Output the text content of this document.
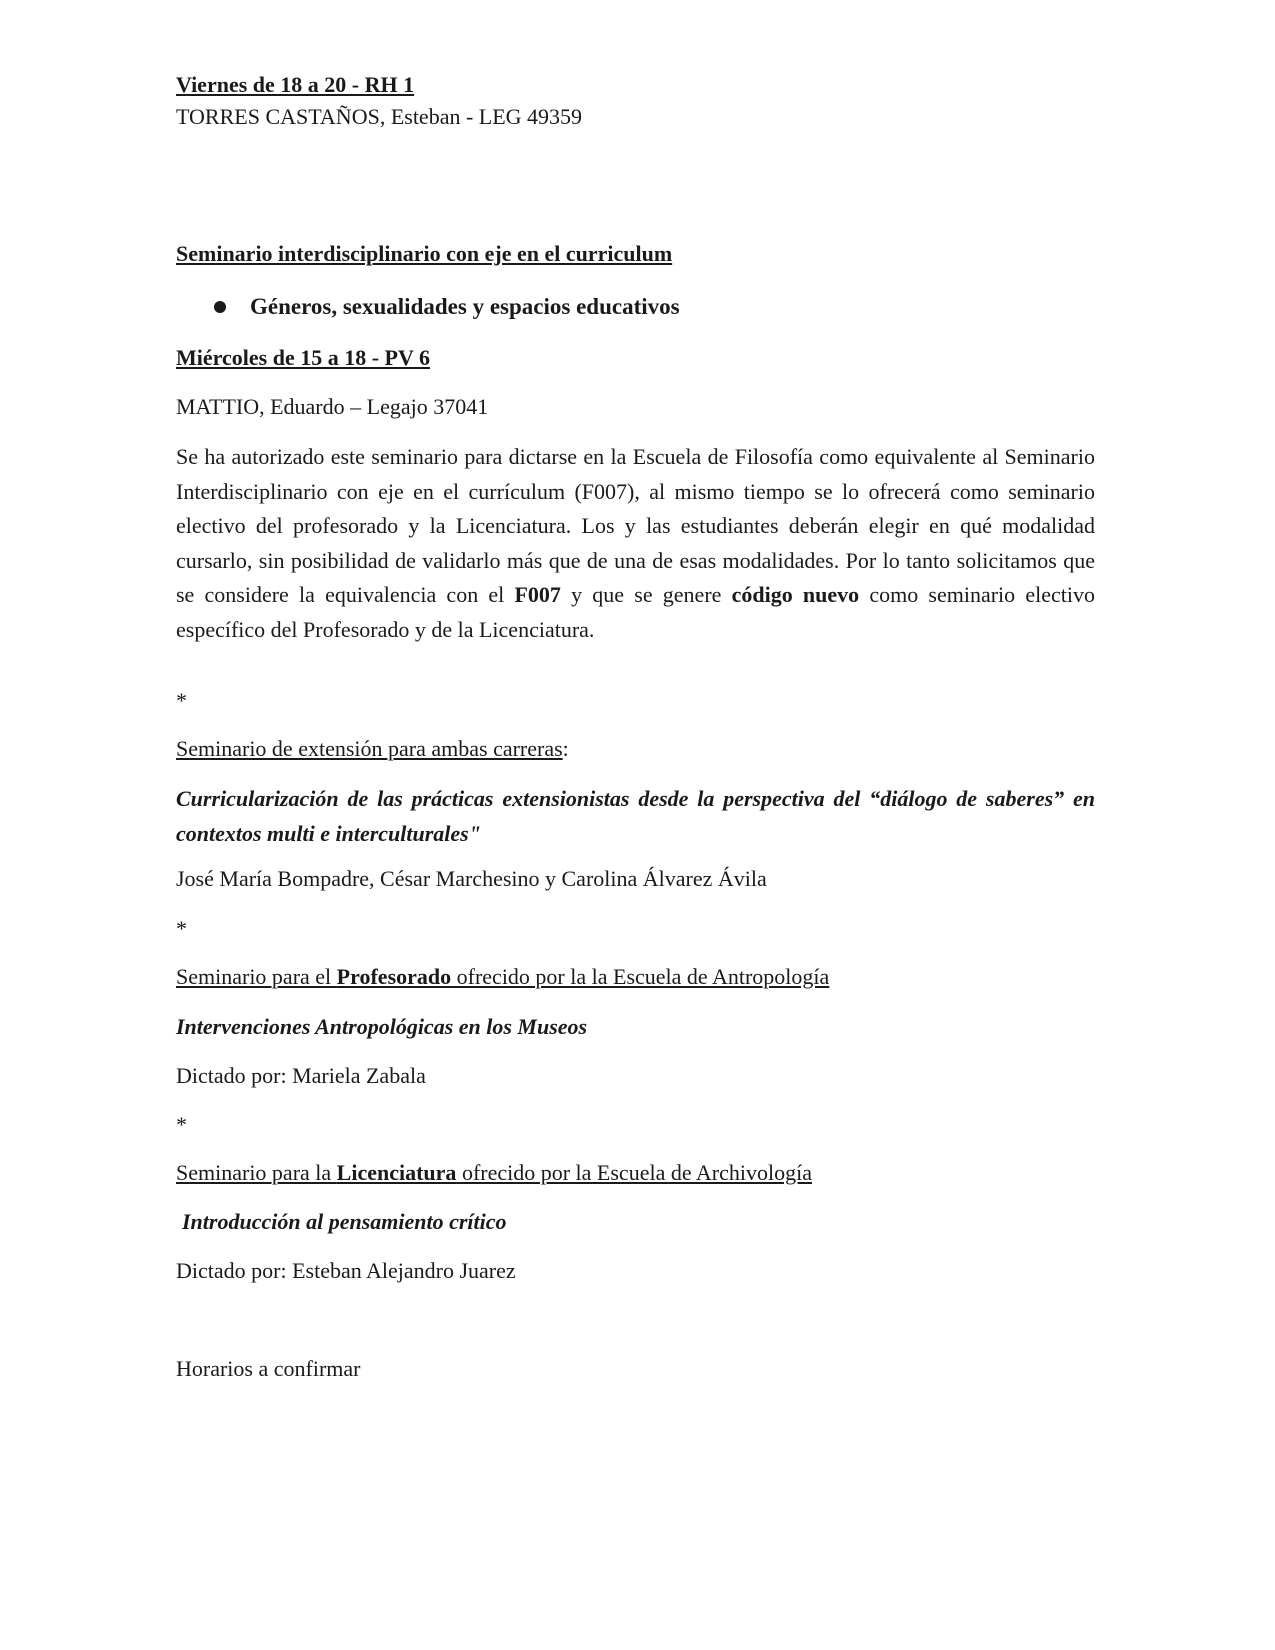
Viernes de 18 a 20 - RH 1
TORRES CASTAÑOS, Esteban - LEG 49359
Seminario interdisciplinario con eje en el curriculum
Géneros, sexualidades y espacios educativos
Miércoles de 15 a 18 - PV 6
MATTIO, Eduardo – Legajo 37041
Se ha autorizado este seminario para dictarse en la Escuela de Filosofía como equivalente al Seminario Interdisciplinario con eje en el currículum (F007), al mismo tiempo se lo ofrecerá como seminario electivo del profesorado y la Licenciatura. Los y las estudiantes deberán elegir en qué modalidad cursarlo, sin posibilidad de validarlo más que de una de esas modalidades. Por lo tanto solicitamos que se considere la equivalencia con el F007 y que se genere código nuevo como seminario electivo específico del Profesorado y de la Licenciatura.
*
Seminario de extensión para ambas carreras:
Curricularización de las prácticas extensionistas desde la perspectiva del “diálogo de saberes” en contextos multi e interculturales"
José María Bompadre, César Marchesino y Carolina Álvarez Ávila
*
Seminario para el Profesorado ofrecido por la la Escuela de Antropología
Intervenciones Antropológicas en los Museos
Dictado por: Mariela Zabala
*
Seminario para la Licenciatura ofrecido por la Escuela de Archivología
Introducción al pensamiento crítico
Dictado por: Esteban Alejandro Juarez
Horarios a confirmar
